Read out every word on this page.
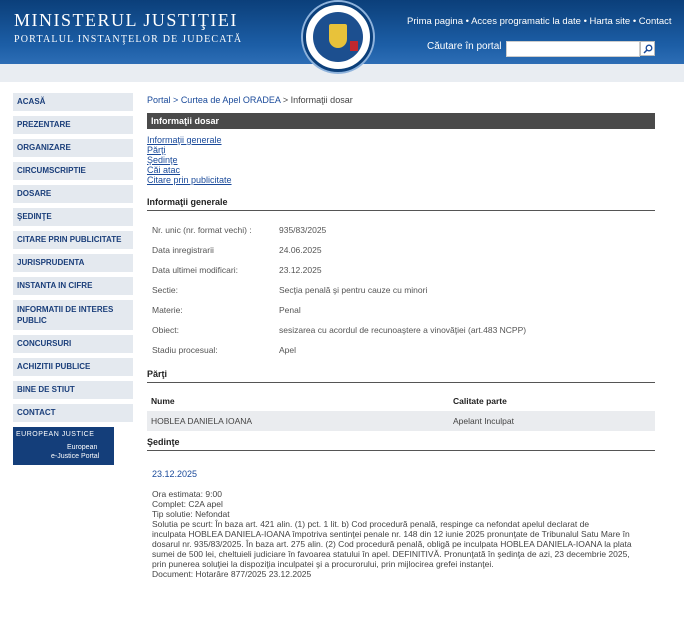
MINISTERUL JUSTIŢIEI
PORTALUL INSTANŢELOR DE JUDECATĂ
Prima pagina • Acces programatic la date • Harta site • Contact
Căutare în portal
ACASĂ
PREZENTARE
ORGANIZARE
CIRCUMSCRIPTIE
DOSARE
ŞEDINŢE
CITARE PRIN PUBLICITATE
JURISPRUDENTA
INSTANTA IN CIFRE
INFORMATII DE INTERES PUBLIC
CONCURSURI
ACHIZITII PUBLICE
BINE DE STIUT
CONTACT
EUROPEAN JUSTICE
European
e-Justice Portal
Portal > Curtea de Apel ORADEA > Informaţii dosar
Informaţii dosar
Informaţii generale
Părţi
Şedinţe
Căi atac
Citare prin publicitate
Informaţii generale
Nr. unic (nr. format vechi) :	935/83/2025
Data inregistrarii	24.06.2025
Data ultimei modificari:	23.12.2025
Sectie:	Secţia penală şi pentru cauze cu minori
Materie:	Penal
Obiect:	sesizarea cu acordul de recunoaştere a vinovăţiei (art.483 NCPP)
Stadiu procesual:	Apel
Părţi
Nume	Calitate parte
HOBLEA DANIELA IOANA	Apelant Inculpat
Şedinţe
23.12.2025
Ora estimata: 9:00
Complet: C2A apel
Tip solutie: Nefondat
Solutia pe scurt: În baza art. 421 alin. (1) pct. 1 lit. b) Cod procedură penală, respinge ca nefondat apelul declarat de
inculpata HOBLEA DANIELA-IOANA împotriva sentinţei penale nr. 148 din 12 iunie 2025 pronunţate de Tribunalul Satu Mare în
dosarul nr. 935/83/2025. În baza art. 275 alin. (2) Cod procedură penală, obligă pe inculpata HOBLEA DANIELA-IOANA la plata
sumei de 500 lei, cheltuieli judiciare în favoarea statului în apel. DEFINITIVĂ. Pronunţată în şedinţa de azi, 23 decembrie 2025,
prin punerea soluţiei la dispoziţia inculpatei şi a procurorului, prin mijlocirea grefei instanţei.
Document: Hotarâre 877/2025 23.12.2025
